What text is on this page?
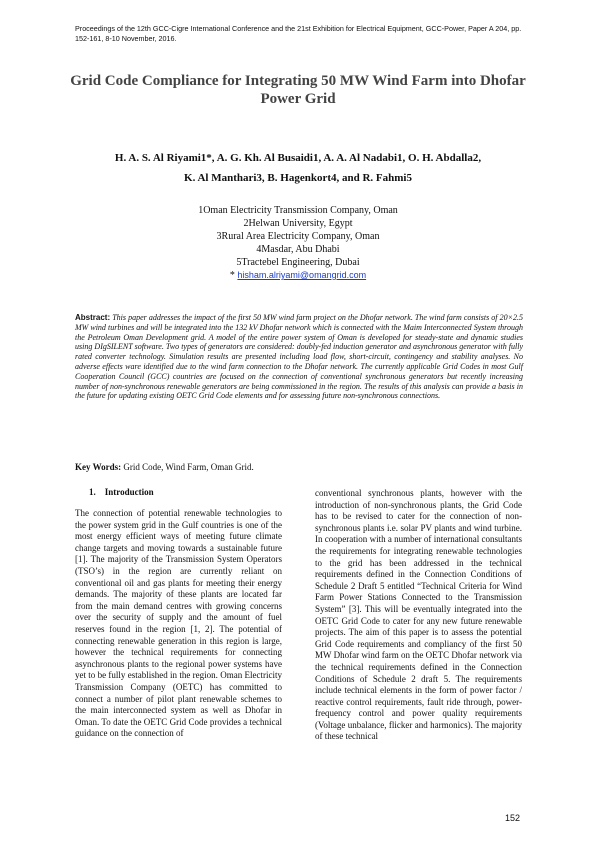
Proceedings of the 12th GCC-Cigre International Conference and the 21st Exhibition for Electrical Equipment, GCC-Power, Paper A 204, pp. 152-161, 8-10 November, 2016.
Grid Code Compliance for Integrating 50 MW Wind Farm into Dhofar Power Grid
H. A. S. Al Riyami1*, A. G. Kh. Al Busaidi1, A. A. Al Nadabi1, O. H. Abdalla2,
K. Al Manthari3, B. Hagenkort4, and R. Fahmi5
1Oman Electricity Transmission Company, Oman
2Helwan University, Egypt
3Rural Area Electricity Company, Oman
4Masdar, Abu Dhabi
5Tractebel Engineering, Dubai
* hisham.alriyami@omangrid.com
Abstract: This paper addresses the impact of the first 50 MW wind farm project on the Dhofar network. The wind farm consists of 20×2.5 MW wind turbines and will be integrated into the 132 kV Dhofar network which is connected with the Maim Interconnected System through the Petroleum Oman Development grid. A model of the entire power system of Oman is developed for steady-state and dynamic studies using DIgSILENT software. Two types of generators are considered: doubly-fed induction generator and asynchronous generator with fully rated converter technology. Simulation results are presented including load flow, short-circuit, contingency and stability analyses. No adverse effects ware identified due to the wind farm connection to the Dhofar network. The currently applicable Grid Codes in most Gulf Cooperation Council (GCC) countries are focused on the connection of conventional synchronous generators but recently increasing number of non-synchronous renewable generators are being commissioned in the region. The results of this analysis can provide a basis in the future for updating existing OETC Grid Code elements and for assessing future non-synchronous connections.
Key Words: Grid Code, Wind Farm, Oman Grid.
1. Introduction

The connection of potential renewable technologies to the power system grid in the Gulf countries is one of the most energy efficient ways of meeting future climate change targets and moving towards a sustainable future [1]. The majority of the Transmission System Operators (TSO’s) in the region are currently reliant on conventional oil and gas plants for meeting their energy demands. The majority of these plants are located far from the main demand centres with growing concerns over the security of supply and the amount of fuel reserves found in the region [1, 2]. The potential of connecting renewable generation in this region is large, however the technical requirements for connecting asynchronous plants to the regional power systems have yet to be fully established in the region. Oman Electricity Transmission Company (OETC) has committed to connect a number of pilot plant renewable schemes to the main interconnected system as well as Dhofar in Oman. To date the OETC Grid Code provides a technical guidance on the connection of

conventional synchronous plants, however with the introduction of non-synchronous plants, the Grid Code has to be revised to cater for the connection of non-synchronous plants i.e. solar PV plants and wind turbine. In cooperation with a number of international consultants the requirements for integrating renewable technologies to the grid has been addressed in the technical requirements defined in the Connection Conditions of Schedule 2 Draft 5 entitled “Technical Criteria for Wind Farm Power Stations Connected to the Transmission System” [3]. This will be eventually integrated into the OETC Grid Code to cater for any new future renewable projects. The aim of this paper is to assess the potential Grid Code requirements and compliancy of the first 50 MW Dhofar wind farm on the OETC Dhofar network via the technical requirements defined in the Connection Conditions of Schedule 2 draft 5. The requirements include technical elements in the form of power factor / reactive control requirements, fault ride through, power-frequency control and power quality requirements (Voltage unbalance, flicker and harmonics). The majority of these technical

152
